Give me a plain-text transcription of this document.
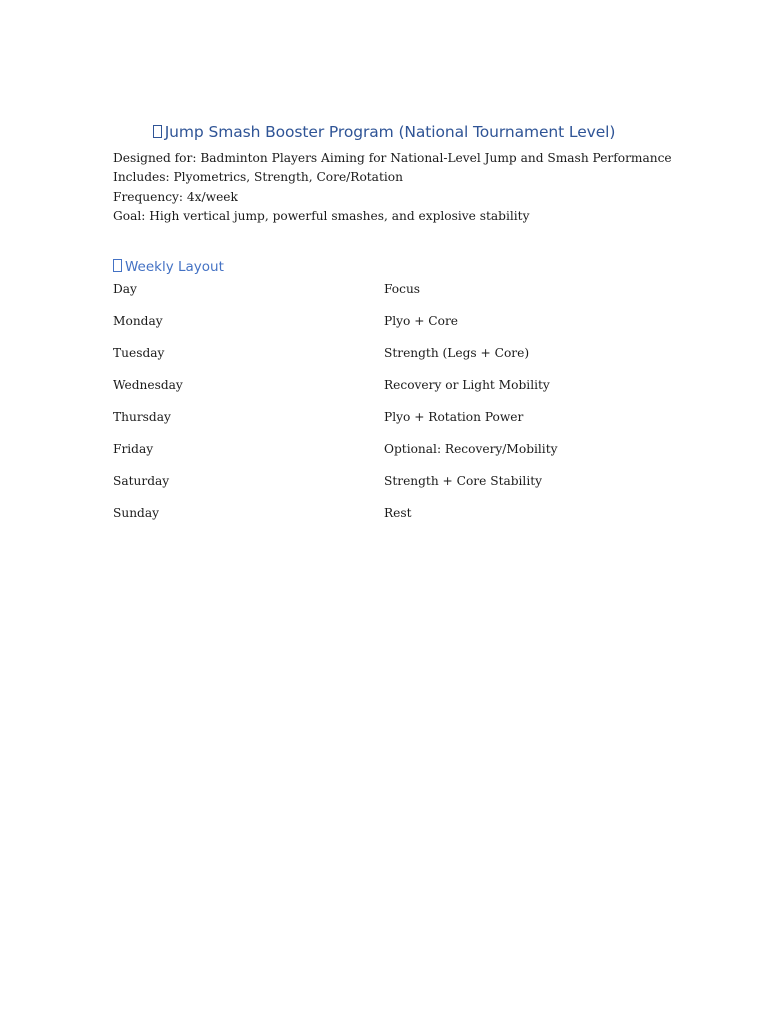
Jump Smash Booster Program (National Tournament Level)
Designed for: Badminton Players Aiming for National-Level Jump and Smash Performance
Includes: Plyometrics, Strength, Core/Rotation
Frequency: 4x/week
Goal: High vertical jump, powerful smashes, and explosive stability
Weekly Layout
Day	Focus
Monday	Plyo + Core
Tuesday	Strength (Legs + Core)
Wednesday	Recovery or Light Mobility
Thursday	Plyo + Rotation Power
Friday	Optional: Recovery/Mobility
Saturday	Strength + Core Stability
Sunday	Rest
